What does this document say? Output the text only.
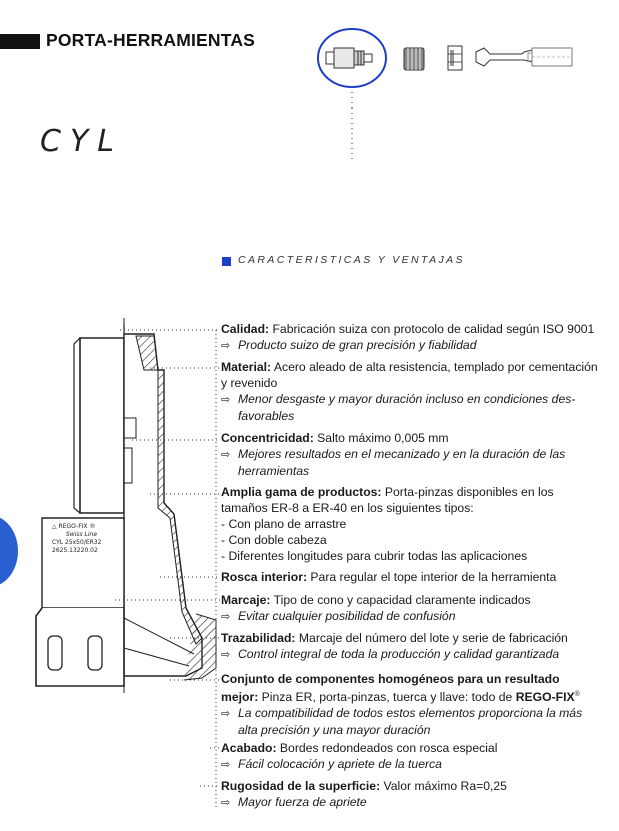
PORTA-HERRAMIENTAS
CYL
CARACTERISTICAS Y VENTAJAS
△ REGO-FIX ®
Swiss Line
CYL 25x50/ER32
2625.13220.02
Calidad: Fabricación suiza con protocolo de calidad según ISO 9001
⇨ Producto suizo de gran precisión y fiabilidad
Material: Acero aleado de alta resistencia, templado por cementación
y revenido
⇨ Menor desgaste y mayor duración incluso en condiciones des-
favorables
Concentricidad: Salto máximo 0,005 mm
⇨ Mejores resultados en el mecanizado y en la duración de las
herramientas
Amplia gama de productos: Porta-pinzas disponibles en los
tamaños ER-8 a ER-40 en los siguientes tipos:
- Con plano de arrastre
- Con doble cabeza
- Diferentes longitudes para cubrir todas las aplicaciones
Rosca interior: Para regular el tope interior de la herramienta
Marcaje: Tipo de cono y capacidad claramente indicados
⇨ Evitar cualquier posibilidad de confusión
Trazabilidad: Marcaje del número del lote y serie de fabricación
⇨ Control integral de toda la producción y calidad garantizada
Conjunto de componentes homogéneos para un resultado
mejor: Pinza ER, porta-pinzas, tuerca y llave: todo de REGO-FIX®
⇨ La compatibilidad de todos estos elementos proporciona la más
alta precisión y una mayor duración
Acabado: Bordes redondeados con rosca especial
⇨ Fácil colocación y apriete de la tuerca
Rugosidad de la superficie: Valor máximo Ra=0,25
⇨ Mayor fuerza de apriete
